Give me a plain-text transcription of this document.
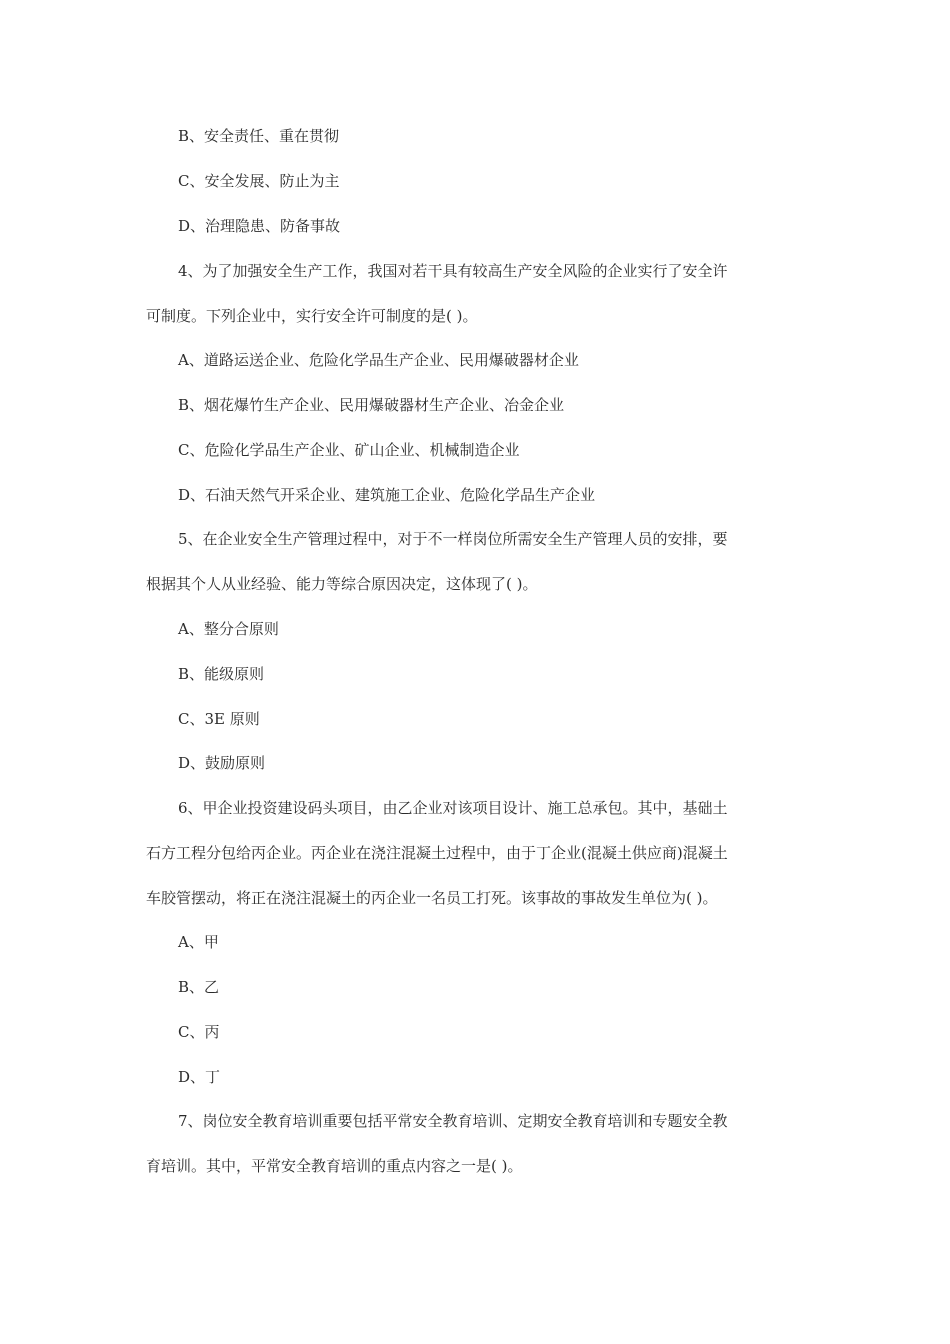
B、安全责任、重在贯彻
C、安全发展、防止为主
D、治理隐患、防备事故
4、为了加强安全生产工作，我国对若干具有较高生产安全风险的企业实行了安全许
可制度。下列企业中，实行安全许可制度的是( )。
A、道路运送企业、危险化学品生产企业、民用爆破器材企业
B、烟花爆竹生产企业、民用爆破器材生产企业、冶金企业
C、危险化学品生产企业、矿山企业、机械制造企业
D、石油天然气开采企业、建筑施工企业、危险化学品生产企业
5、在企业安全生产管理过程中，对于不一样岗位所需安全生产管理人员的安排，要
根据其个人从业经验、能力等综合原因决定，这体现了( )。
A、整分合原则
B、能级原则
C、3E 原则
D、鼓励原则
6、甲企业投资建设码头项目，由乙企业对该项目设计、施工总承包。其中，基础土
石方工程分包给丙企业。丙企业在浇注混凝土过程中，由于丁企业(混凝土供应商)混凝土
车胶管摆动，将正在浇注混凝土的丙企业一名员工打死。该事故的事故发生单位为( )。
A、甲
B、乙
C、丙
D、丁
7、岗位安全教育培训重要包括平常安全教育培训、定期安全教育培训和专题安全教
育培训。其中，平常安全教育培训的重点内容之一是( )。
